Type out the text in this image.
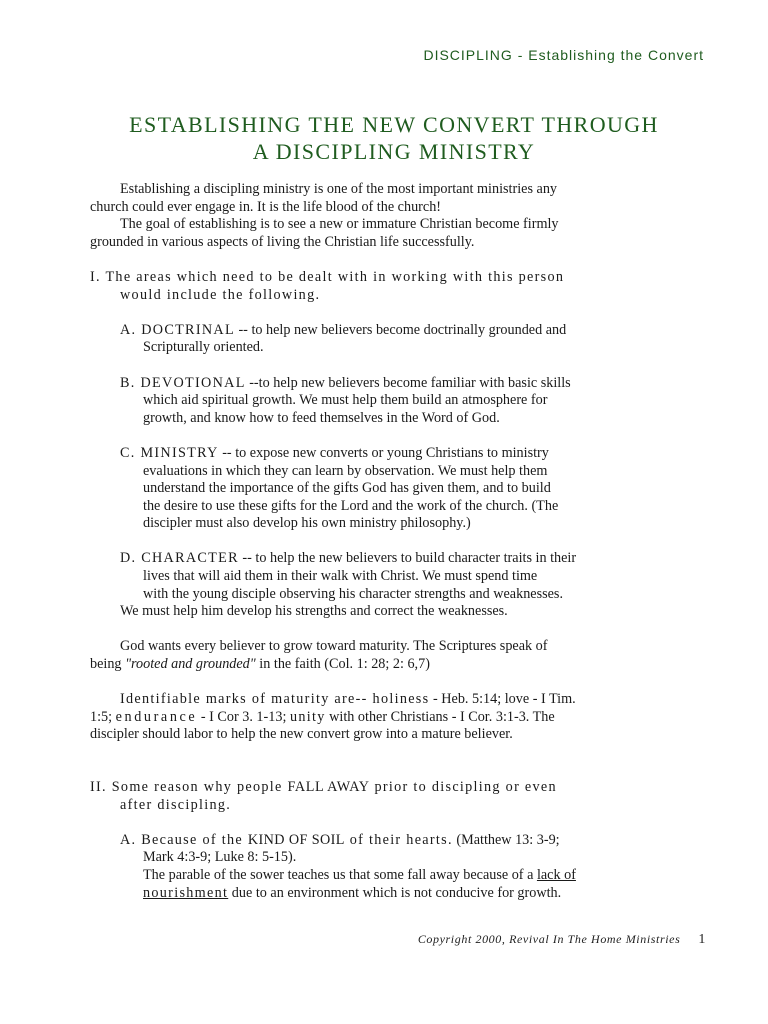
DISCIPLING - Establishing the Convert
ESTABLISHING THE NEW CONVERT THROUGH
A DISCIPLING MINISTRY
Establishing a discipling ministry is one of the most important ministries any
church could ever engage in. It is the life blood of the church!
The goal of establishing is to see a new or immature Christian become firmly
grounded in various aspects of living the Christian life successfully.
I. The areas which need to be dealt with in working with this person
would include the following.
A. DOCTRINAL -- to help new believers become doctrinally grounded and
Scripturally oriented.
B. DEVOTIONAL --to help new believers become familiar with basic skills
which aid spiritual growth. We must help them build an atmosphere for
growth, and know how to feed themselves in the Word of God.
C. MINISTRY -- to expose new converts or young Christians to ministry
evaluations in which they can learn by observation. We must help them
understand the importance of the gifts God has given them, and to build
the desire to use these gifts for the Lord and the work of the church. (The
discipler must also develop his own ministry philosophy.)
D. CHARACTER -- to help the new believers to build character traits in their
lives that will aid them in their walk with Christ. We must spend time
with the young disciple observing his character strengths and weaknesses.
We must help him develop his strengths and correct the weaknesses.
God wants every believer to grow toward maturity. The Scriptures speak of
being "rooted and grounded" in the faith (Col. 1: 28; 2: 6,7)
Identifiable marks of maturity are-- holiness - Heb. 5:14; love - I Tim.
1:5; endurance - I Cor 3. 1-13; unity with other Christians - I Cor. 3:1-3. The
discipler should labor to help the new convert grow into a mature believer.
II. Some reason why people FALL AWAY prior to discipling or even
after discipling.
A. Because of the KIND OF SOIL of their hearts. (Matthew 13: 3-9;
Mark 4:3-9; Luke 8: 5-15).
The parable of the sower teaches us that some fall away because of a lack of
nourishment due to an environment which is not conducive for growth.
Copyright 2000, Revival In The Home Ministries 1
